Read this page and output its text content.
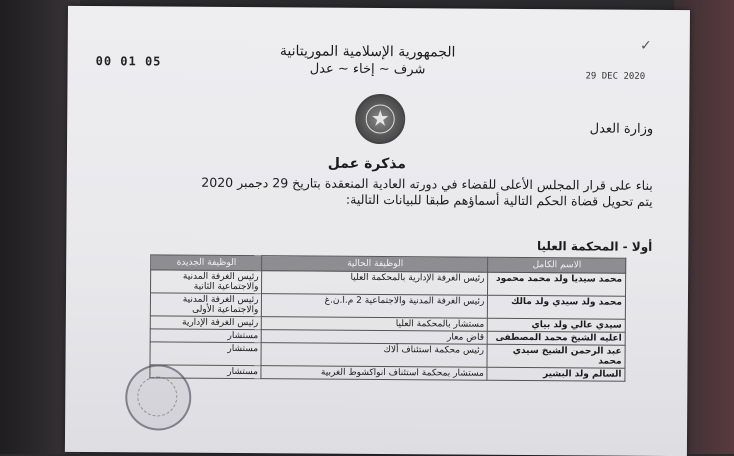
00 01 05
✓
الجمهورية الإسلامية الموريتانية
شرف ~ إخاء ~ عدل	29 DEC 2020
وزارة العدل
مذكرة عمل
بناء على قرار المجلس الأعلى للقضاء في دورته العادية المنعقدة بتاريخ 29 دجمبر 2020
يتم تحويل قضاة الحكم التالية أسماؤهم طبقا للبيانات التالية:
أولا - المحكمة العليا
الاسم الكامل	الوظيفة الحالية	الوظيفة الجديدة
محمد سيديا ولد محمد محمود	رئيس الغرفة الإدارية بالمحكمة العليا	رئيس الغرفة المدنية والاجتماعية الثانية
محمد ولد سيدي ولد مالك	رئيس الغرفة المدنية والاجتماعية 2 م.ا.ن.غ	رئيس الغرفة المدنية والاجتماعية الأولى
سيدي عالي ولد بياي	مستشار بالمحكمة العليا	رئيس الغرفة الإدارية
اعليه الشيخ محمد المصطفى	قاض معار	مستشار
عبد الرحمن الشيخ سيدي محمد	رئيس محكمة استئناف ألاك	مستشار
السالم ولد البشير	مستشار بمحكمة استئناف انواكشوط الغربية	مستشار
